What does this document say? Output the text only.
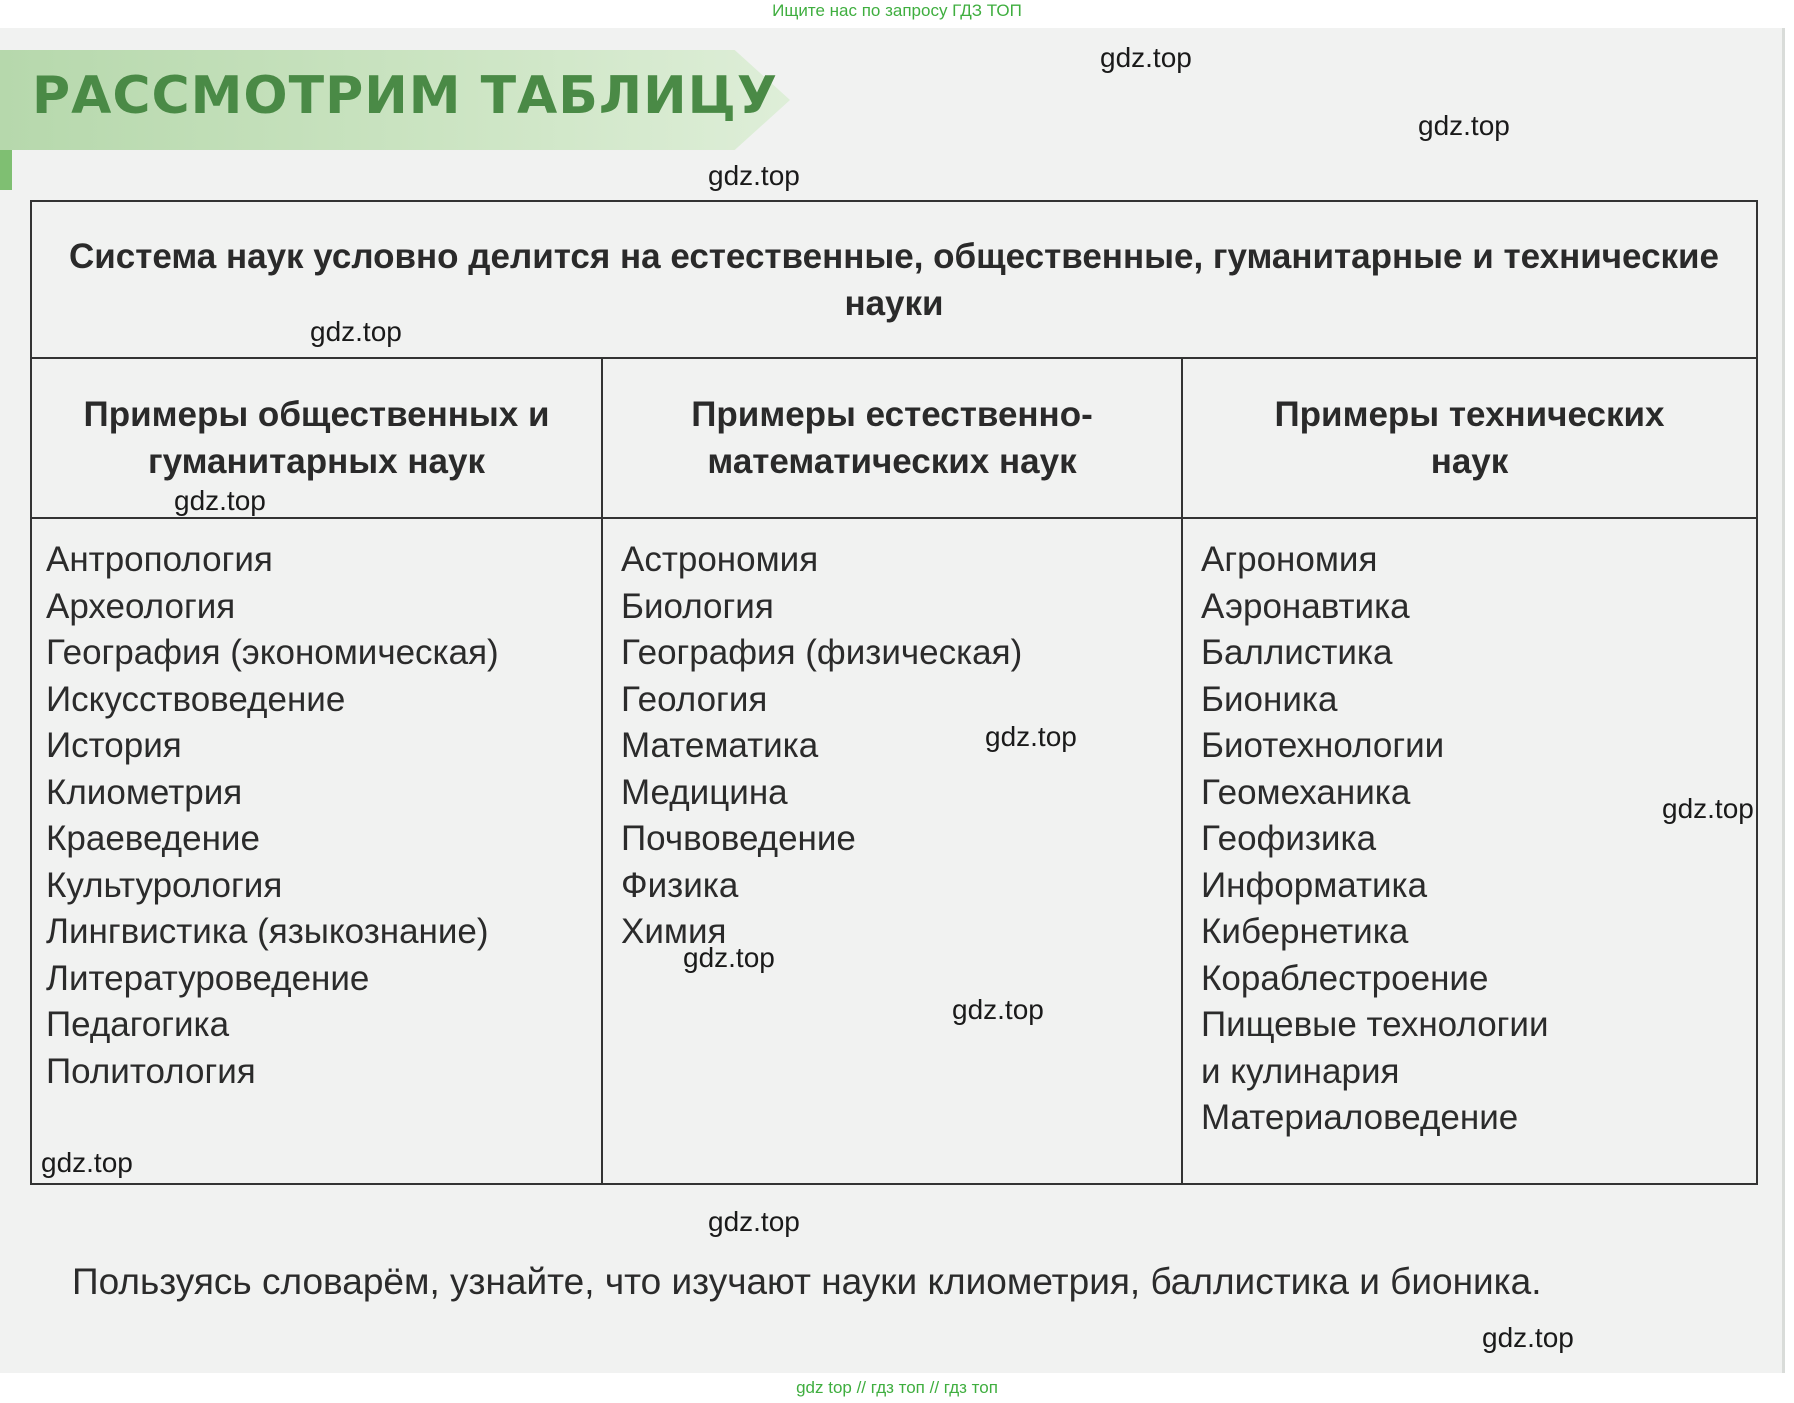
Ищите нас по запросу ГДЗ ТОП
РАССМОТРИМ ТАБЛИЦУ
Система наук условно делится на естественные, общественные, гуманитарные и технические науки
Примеры общественных и гуманитарных наук
Примеры естественно-математических наук
Примеры технических наук
Антропология
Археология
География (экономическая)
Искусствоведение
История
Клиометрия
Краеведение
Культурология
Лингвистика (языкознание)
Литературоведение
Педагогика
Политология
Астрономия
Биология
География (физическая)
Геология
Математика
Медицина
Почвоведение
Физика
Химия
Агрономия
Аэронавтика
Баллистика
Бионика
Биотехнологии
Геомеханика
Геофизика
Информатика
Кибернетика
Кораблестроение
Пищевые технологии
и кулинария
Материаловедение
Пользуясь словарём, узнайте, что изучают науки клиометрия, баллистика и бионика.
gdz.top
gdz.top
gdz.top
gdz.top
gdz.top
gdz.top
gdz.top
gdz.top
gdz.top
gdz.top
gdz.top
gdz.top
gdz top // гдз топ // гдз топ
